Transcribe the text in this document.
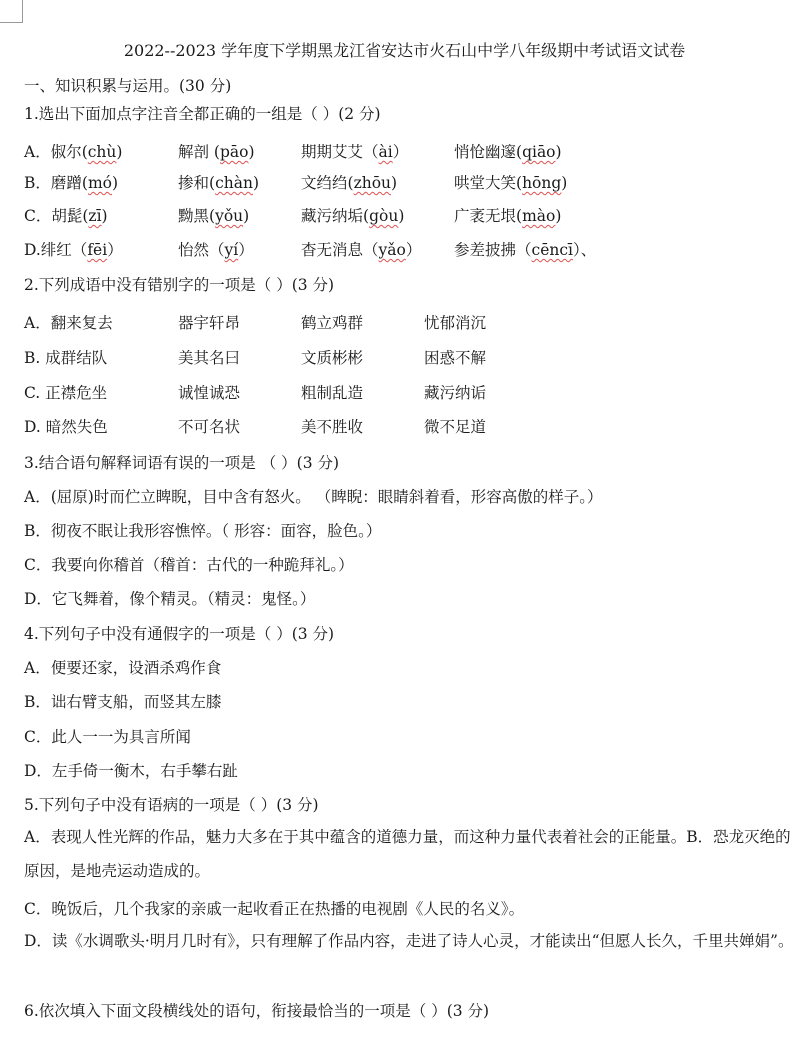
2022--2023 学年度下学期黑龙江省安达市火石山中学八年级期中考试语文试卷
一、知识积累与运用。(30 分)
1.选出下面加点字注音全都正确的一组是（ ）(2 分)
A．俶尔(chù)	解剖 (pāo)	期期艾艾（ài）	悄怆幽邃(qiāo)
B．磨蹭(mó)	掺和(chàn)	文绉绉(zhōu)	哄堂大笑(hōng)
C．胡髭(zī)	黝黑(yǒu)	藏污纳垢(gòu)	广袤无垠(mào)
D.绯红（fēi）	怡然（yí）	杳无消息（yǎo） 参差披拂（cēncī）、
2.下列成语中没有错别字的一项是（ ）(3 分)
A．翻来复去	器宇轩昂	鹤立鸡群	忧郁消沉
B. 成群结队	美其名曰	文质彬彬	困惑不解
C. 正襟危坐	诚惶诚恐	粗制乱造	藏污纳诟
D. 暗然失色	不可名状	美不胜收	微不足道
3.结合语句解释词语有误的一项是 （ ）(3 分)
A．(屈原)时而伫立睥睨，目中含有怒火。 （睥睨：眼睛斜着看，形容高傲的样子。）
B．彻夜不眠让我形容憔悴。（ 形容：面容，脸色。）
C．我要向你稽首（稽首：古代的一种跪拜礼。）
D．它飞舞着，像个精灵。（精灵：鬼怪。）
4.下列句子中没有通假字的一项是（ ）(3 分)
A．便要还家，设酒杀鸡作食
B．诎右臂支船，而竖其左膝
C．此人一一为具言所闻
D．左手倚一衡木，右手攀右趾
5.下列句子中没有语病的一项是（ ）(3 分)
A．表现人性光辉的作品，魅力大多在于其中蕴含的道德力量，而这种力量代表着社会的正能量。B．恐龙灭绝的原因，是地壳运动造成的。
C．晚饭后，几个我家的亲戚一起收看正在热播的电视剧《人民的名义》。
D．读《水调歌头·明月几时有》，只有理解了作品内容，走进了诗人心灵，才能读出“但愿人长久，千里共婵娟”。
6.依次填入下面文段横线处的语句，衔接最恰当的一项是（ ）(3 分)
